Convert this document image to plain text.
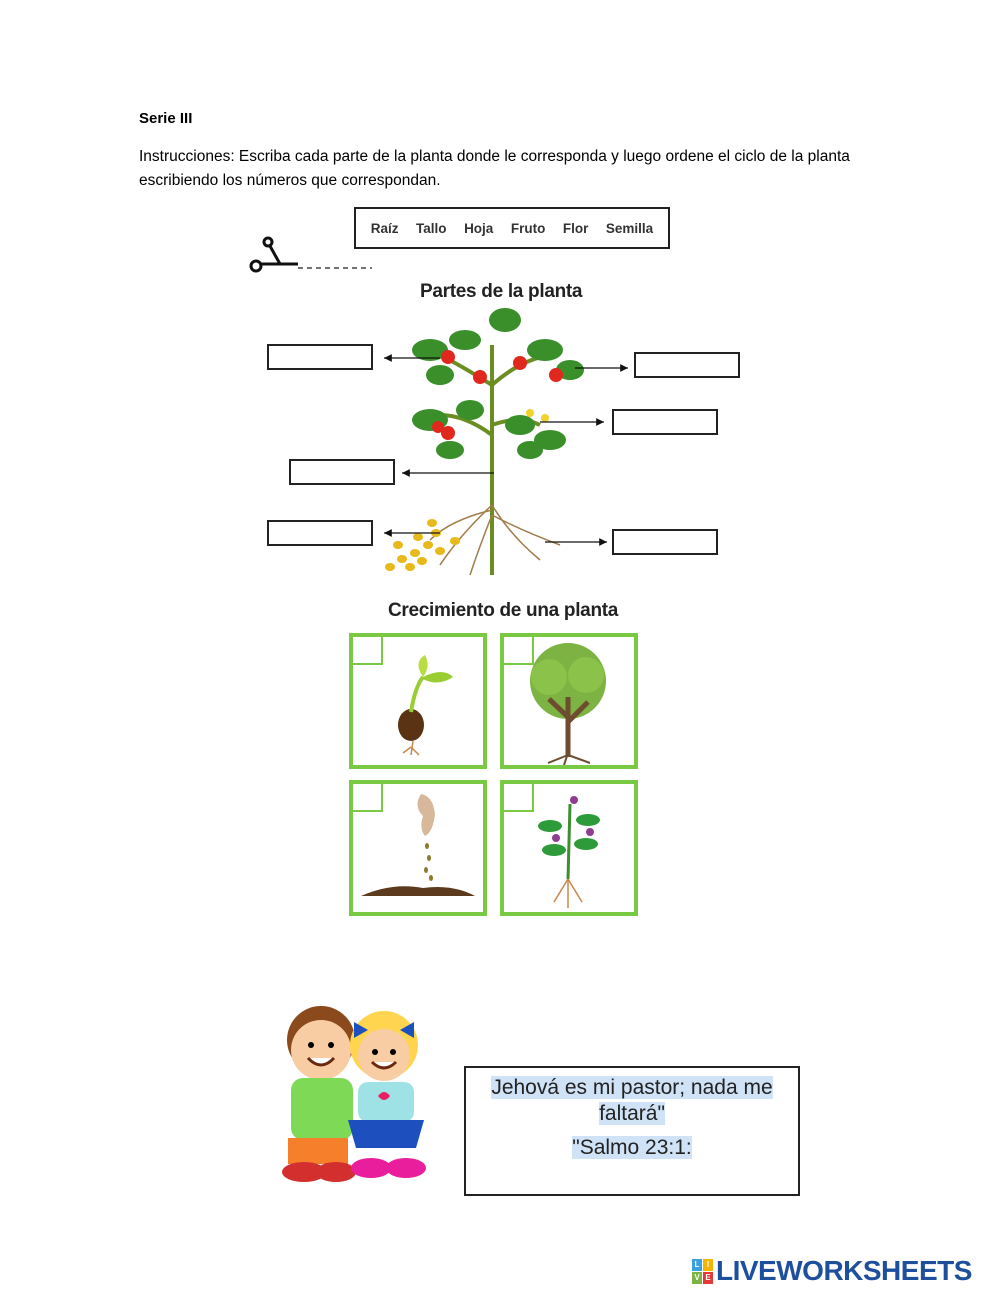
Serie III
Instrucciones: Escriba cada parte de la planta donde le corresponda y luego ordene el ciclo de la planta escribiendo los números que correspondan.
Raíz Tallo Hoja Fruto Flor Semilla
Partes de la planta
Crecimiento de una planta
Jehová es mi pastor; nada me
faltará"
"Salmo 23:1:
L I
V E LIVEWORKSHEETS
